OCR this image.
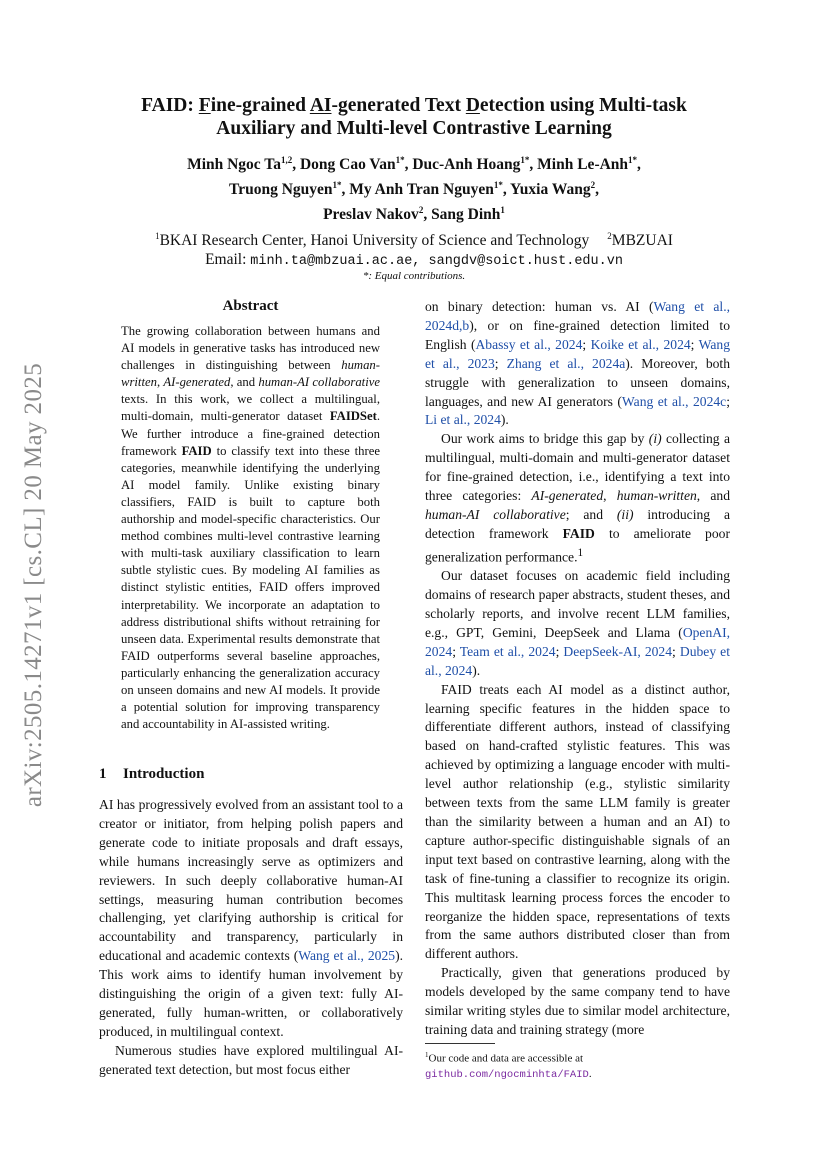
arXiv:2505.14271v1 [cs.CL] 20 May 2025
FAID: Fine-grained AI-generated Text Detection using Multi-task
Auxiliary and Multi-level Contrastive Learning
Minh Ngoc Ta$^{1,2}$, Dong Cao Van$^{1*}$, Duc-Anh Hoang$^{1*}$, Minh Le-Anh$^{1*}$,
Truong Nguyen$^{1*}$, My Anh Tran Nguyen$^{1*}$, Yuxia Wang$^2$,
Preslav Nakov$^2$, Sang Dinh$^1$
$^1$BKAI Research Center, Hanoi University of Science and Technology $^2$MBZUAI
Email: minh.ta@mbzuai.ac.ae, sangdv@soict.hust.edu.vn
*: Equal contributions.
Abstract
The growing collaboration between humans and AI models in generative tasks has introduced new challenges in distinguishing between human-written, AI-generated, and human-AI collaborative texts. In this work, we collect a multilingual, multi-domain, multi-generator dataset FAIDSet. We further introduce a fine-grained detection framework FAID to classify text into these three categories, meanwhile identifying the underlying AI model family. Unlike existing binary classifiers, FAID is built to capture both authorship and model-specific characteristics. Our method combines multi-level contrastive learning with multi-task auxiliary classification to learn subtle stylistic cues. By modeling AI families as distinct stylistic entities, FAID offers improved interpretability. We incorporate an adaptation to address distributional shifts without retraining for unseen data. Experimental results demonstrate that FAID outperforms several baseline approaches, particularly enhancing the generalization accuracy on unseen domains and new AI models. It provide a potential solution for improving transparency and accountability in AI-assisted writing.
1 Introduction

AI has progressively evolved from an assistant tool to a creator or initiator, from helping polish papers and generate code to initiate proposals and draft essays, while humans increasingly serve as optimizers and reviewers. In such deeply collaborative human-AI settings, measuring human contribution becomes challenging, yet clarifying authorship is critical for accountability and transparency, particularly in educational and academic contexts (Wang et al., 2025). This work aims to identify human involvement by distinguishing the origin of a given text: fully AI-generated, fully human-written, or collaboratively produced, in multilingual context.

Numerous studies have explored multilingual AI-generated text detection, but most focus either

on binary detection: human vs. AI (Wang et al., 2024d,b), or on fine-grained detection limited to English (Abassy et al., 2024; Koike et al., 2024; Wang et al., 2023; Zhang et al., 2024a). Moreover, both struggle with generalization to unseen domains, languages, and new AI generators (Wang et al., 2024c; Li et al., 2024).

Our work aims to bridge this gap by (i) collecting a multilingual, multi-domain and multi-generator dataset for fine-grained detection, i.e., identifying a text into three categories: AI-generated, human-written, and human-AI collaborative; and (ii) introducing a detection framework FAID to ameliorate poor generalization performance.$^1$

Our dataset focuses on academic field including domains of research paper abstracts, student theses, and scholarly reports, and involve recent LLM families, e.g., GPT, Gemini, DeepSeek and Llama (OpenAI, 2024; Team et al., 2024; DeepSeek-AI, 2024; Dubey et al., 2024).

FAID treats each AI model as a distinct author, learning specific features in the hidden space to differentiate different authors, instead of classifying based on hand-crafted stylistic features. This was achieved by optimizing a language encoder with multi-level author relationship (e.g., stylistic similarity between texts from the same LLM family is greater than the similarity between a human and an AI) to capture author-specific distinguishable signals of an input text based on contrastive learning, along with the task of fine-tuning a classifier to recognize its origin. This multitask learning process forces the encoder to reorganize the hidden space, representations of texts from the same authors distributed closer than from different authors.

Practically, given that generations produced by models developed by the same company tend to have similar writing styles due to similar model architecture, training data and training strategy (more

$^1$Our code and data are accessible at github.com/ngocminhta/FAID.
